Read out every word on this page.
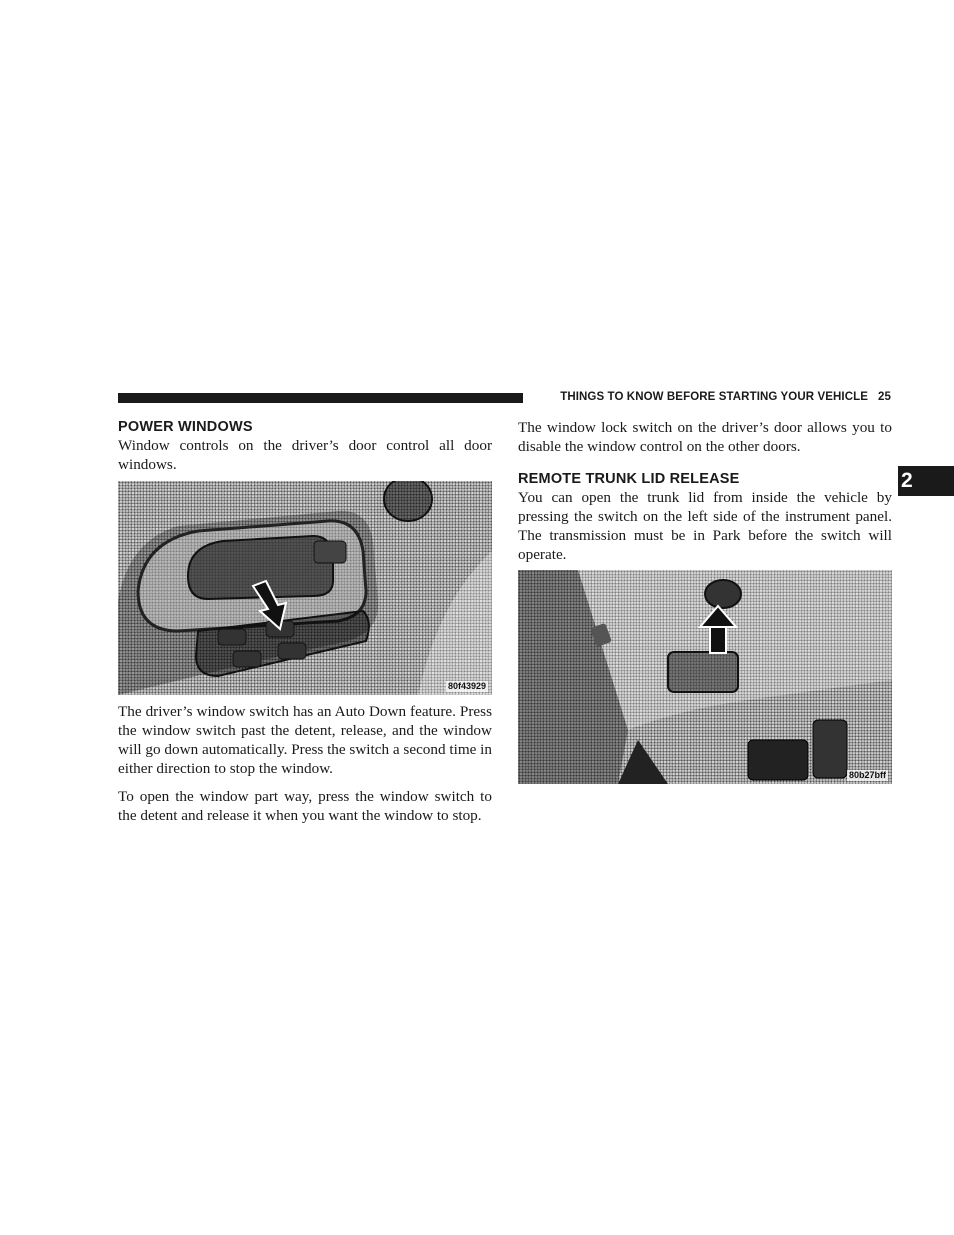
THINGS TO KNOW BEFORE STARTING YOUR VEHICLE 25
2
POWER WINDOWS

Window controls on the driver’s door control all door windows.

80f43929

The driver’s window switch has an Auto Down feature. Press the window switch past the detent, release, and the window will go down automatically. Press the switch a second time in either direction to stop the window.

To open the window part way, press the window switch to the detent and release it when you want the window to stop.

The window lock switch on the driver’s door allows you to disable the window control on the other doors.

REMOTE TRUNK LID RELEASE

You can open the trunk lid from inside the vehicle by pressing the switch on the left side of the instrument panel. The transmission must be in Park before the switch will operate.

80b27bff
